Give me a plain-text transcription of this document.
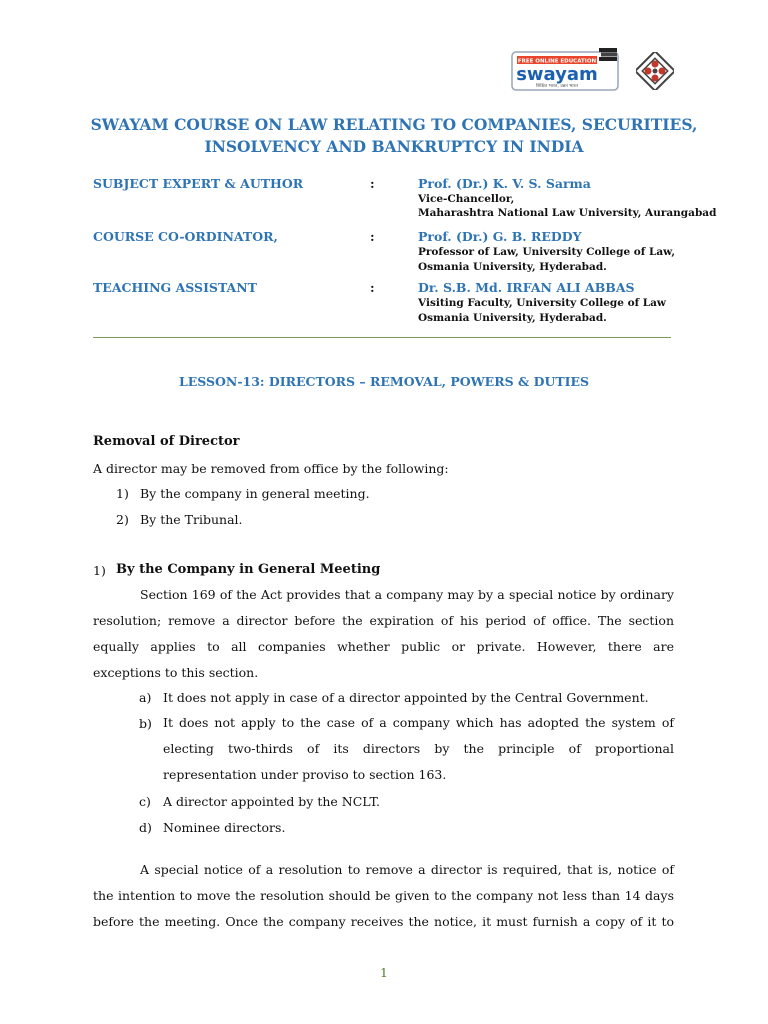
FREE ONLINE EDUCATION
swayam
शिक्षित भारत, उन्नत भारत
SWAYAM COURSE ON LAW RELATING TO COMPANIES, SECURITIES,
INSOLVENCY AND BANKRUPTCY IN INDIA
SUBJECT EXPERT & AUTHOR	:	Prof. (Dr.) K. V. S. Sarma
Vice-Chancellor,
Maharashtra National Law University, Aurangabad
COURSE CO-ORDINATOR,	:	Prof. (Dr.) G. B. REDDY
Professor of Law, University College of Law,
Osmania University, Hyderabad.
TEACHING ASSISTANT	:	Dr. S.B. Md. IRFAN ALI ABBAS
Visiting Faculty, University College of Law
Osmania University, Hyderabad.
LESSON-13: DIRECTORS – REMOVAL, POWERS & DUTIES
Removal of Director
A director may be removed from office by the following:
1) By the company in general meeting.
2) By the Tribunal.
1) By the Company in General Meeting
Section 169 of the Act provides that a company may by a special notice by ordinary
resolution; remove a director before the expiration of his period of office. The section
equally applies to all companies whether public or private. However, there are
exceptions to this section.
a) It does not apply in case of a director appointed by the Central Government.
b) It does not apply to the case of a company which has adopted the system of
electing two-thirds of its directors by the principle of proportional
representation under proviso to section 163.
c) A director appointed by the NCLT.
d) Nominee directors.
A special notice of a resolution to remove a director is required, that is, notice of
the intention to move the resolution should be given to the company not less than 14 days
before the meeting. Once the company receives the notice, it must furnish a copy of it to
1
